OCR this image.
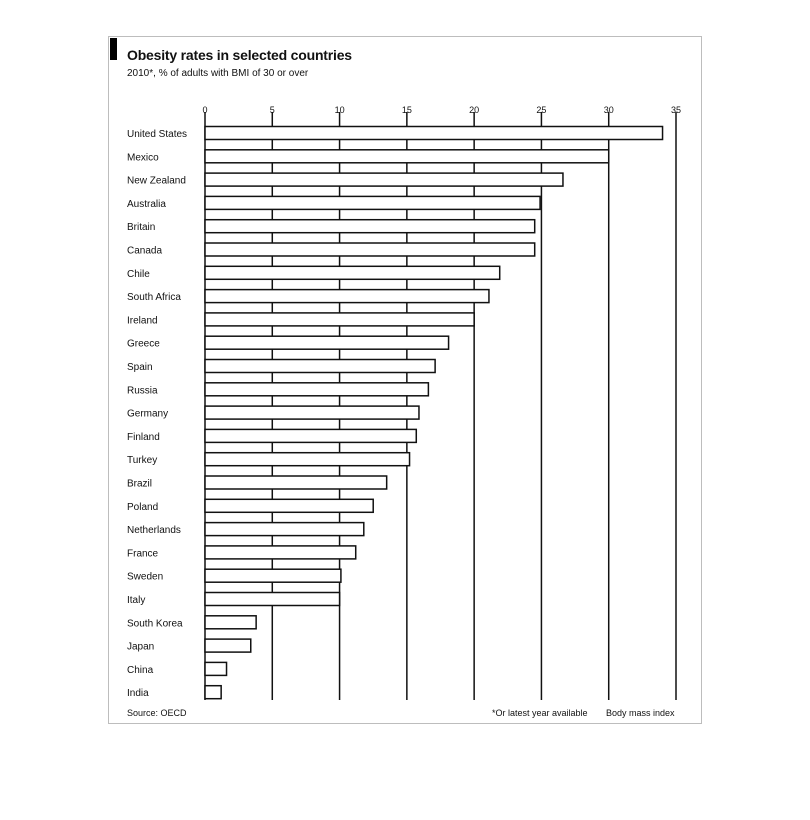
Obesity rates in selected countries
2010*, % of adults with BMI of 30 or over
0	5	10	15	20	25	30	35
United States
Mexico
New Zealand
Australia
Britain
Canada
Chile
South Africa
Ireland
Greece
Spain
Russia
Germany
Finland
Turkey
Brazil
Poland
Netherlands
France
Sweden
Italy
South Korea
Japan
China
India
Source: OECD	*Or latest year available Body mass index
